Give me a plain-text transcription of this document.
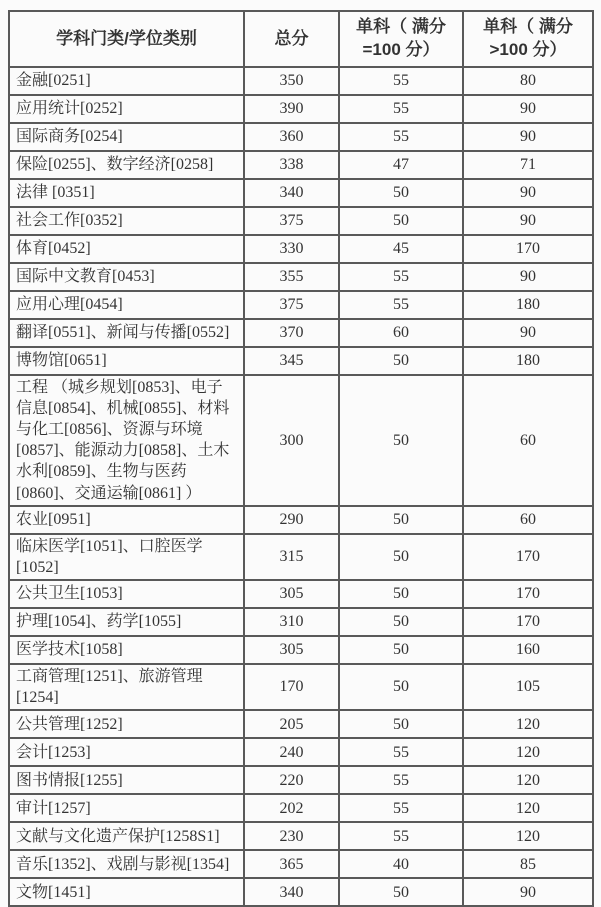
学科门类/学位类别	总分	单科（ 满分=100 分）	单科（ 满分>100 分）
金融[0251]	350	55	80
应用统计[0252]	390	55	90
国际商务[0254]	360	55	90
保险[0255]、数字经济[0258]	338	47	71
法律 [0351]	340	50	90
社会工作[0352]	375	50	90
体育[0452]	330	45	170
国际中文教育[0453]	355	55	90
应用心理[0454]	375	55	180
翻译[0551]、新闻与传播[0552]	370	60	90
博物馆[0651]	345	50	180
工程 （城乡规划[0853]、电子信息[0854]、机械[0855]、材料与化工[0856]、资源与环境[0857]、能源动力[0858]、土木水利[0859]、生物与医药[0860]、交通运输[0861] ）	300	50	60
农业[0951]	290	50	60
临床医学[1051]、口腔医学[1052]	315	50	170
公共卫生[1053]	305	50	170
护理[1054]、药学[1055]	310	50	170
医学技术[1058]	305	50	160
工商管理[1251]、旅游管理[1254]	170	50	105
公共管理[1252]	205	50	120
会计[1253]	240	55	120
图书情报[1255]	220	55	120
审计[1257]	202	55	120
文献与文化遗产保护[1258S1]	230	55	120
音乐[1352]、戏剧与影视[1354]	365	40	85
文物[1451]	340	50	90
